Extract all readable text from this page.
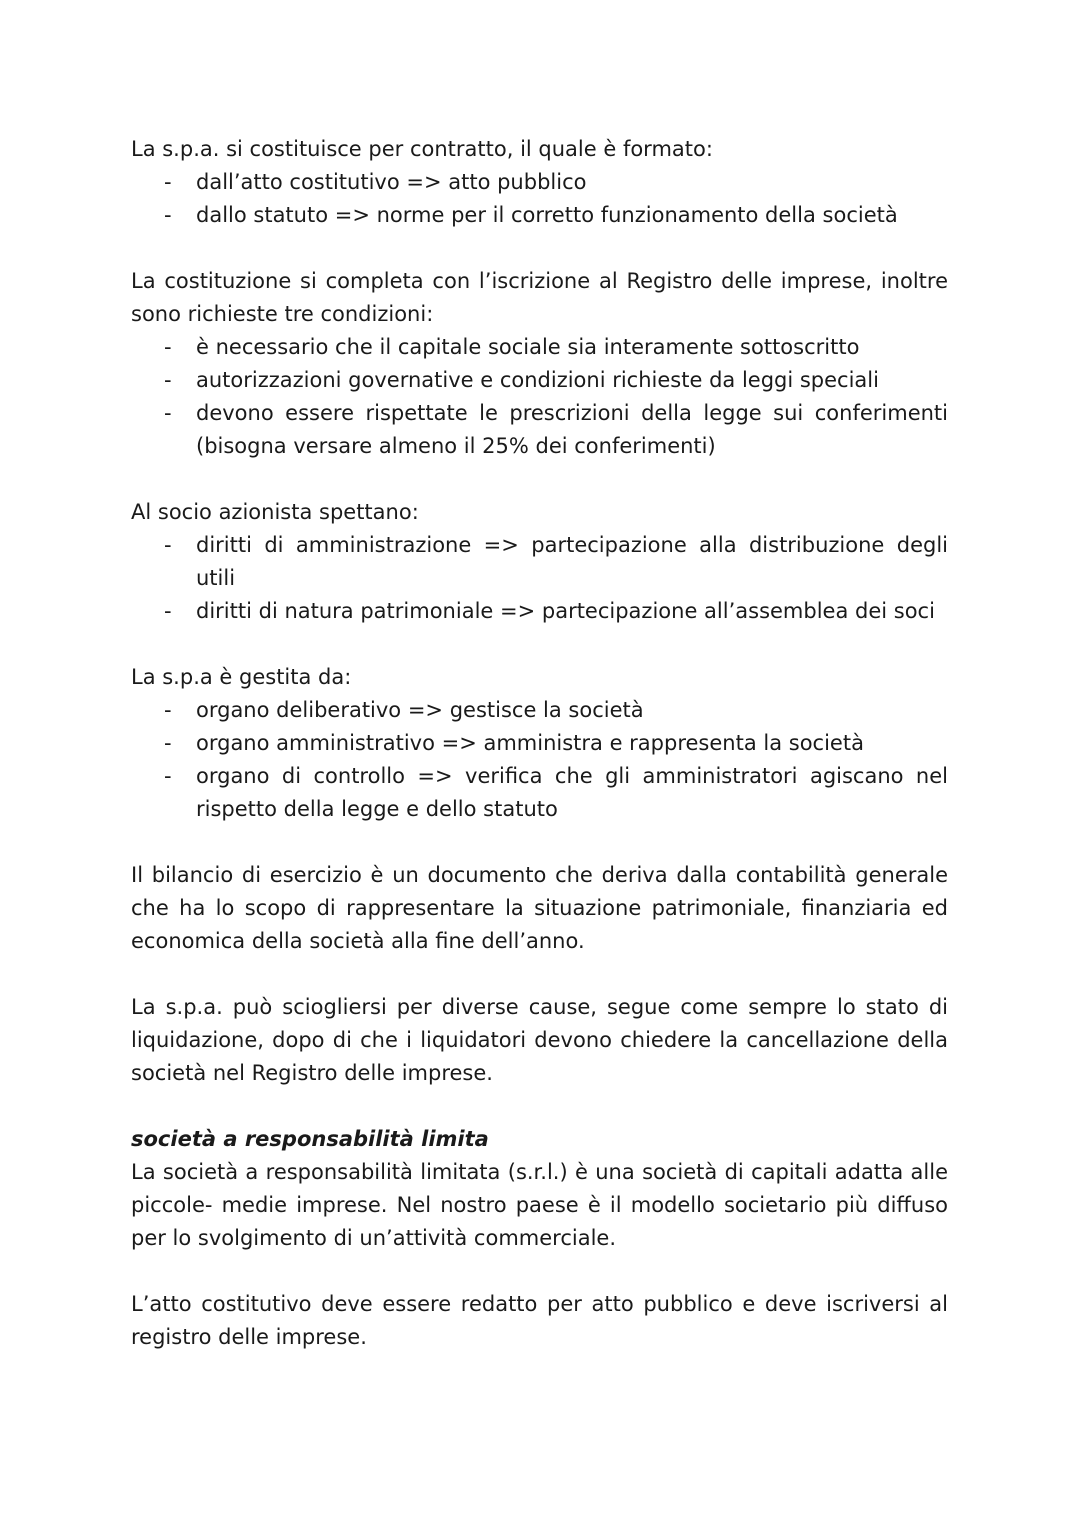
La s.p.a. si costituisce per contratto, il quale è formato:

- dall’atto costitutivo => atto pubblico
- dallo statuto => norme per il corretto funzionamento della società

La costituzione si completa con l’iscrizione al Registro delle imprese, inoltre sono richieste tre condizioni:

- è necessario che il capitale sociale sia interamente sottoscritto
- autorizzazioni governative e condizioni richieste da leggi speciali
- devono essere rispettate le prescrizioni della legge sui conferimenti (bisogna versare almeno il 25% dei conferimenti)

Al socio azionista spettano:

- diritti di amministrazione => partecipazione alla distribuzione degli utili
- diritti di natura patrimoniale => partecipazione all’assemblea dei soci

La s.p.a è gestita da:

- organo deliberativo => gestisce la società
- organo amministrativo => amministra e rappresenta la società
- organo di controllo => verifica che gli amministratori agiscano nel rispetto della legge e dello statuto

Il bilancio di esercizio è un documento che deriva dalla contabilità generale che ha lo scopo di rappresentare la situazione patrimoniale, finanziaria ed economica della società alla fine dell’anno.

La s.p.a. può sciogliersi per diverse cause, segue come sempre lo stato di liquidazione, dopo di che i liquidatori devono chiedere la cancellazione della società nel Registro delle imprese.

società a responsabilità limita

La società a responsabilità limitata (s.r.l.) è una società di capitali adatta alle piccole- medie imprese. Nel nostro paese è il modello societario più diffuso per lo svolgimento di un’attività commerciale.

L’atto costitutivo deve essere redatto per atto pubblico e deve iscriversi al registro delle imprese.
